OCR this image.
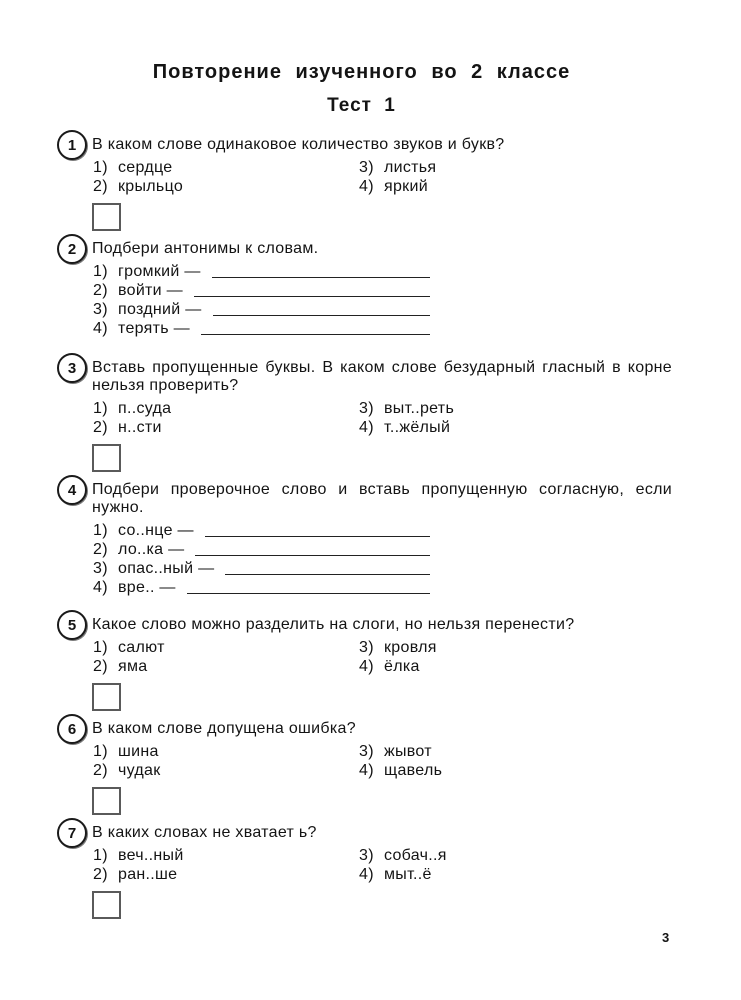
Повторение изученного во 2 классе
Тест 1
1 В каком слове одинаковое количество звуков и букв?
1) сердце
2) крыльцо
3) листья
4) яркий
2 Подбери антонимы к словам.
1) громкий —
2) войти —
3) поздний —
4) терять —
3 Вставь пропущенные буквы. В каком слове безударный гласный в корне
нельзя проверить?
1) п..суда
2) н..сти
3) выт..реть
4) т..жёлый
4 Подбери проверочное слово и вставь пропущенную согласную, если
нужно.
1) со..нце —
2) ло..ка —
3) опас..ный —
4) вре.. —
5 Какое слово можно разделить на слоги, но нельзя перенести?
1) салют
2) яма
3) кровля
4) ёлка
6 В каком слове допущена ошибка?
1) шина
2) чудак
3) жывот
4) щавель
7 В каких словах не хватает ь?
1) веч..ный
2) ран..ше
3) собач..я
4) мыт..ё
3
